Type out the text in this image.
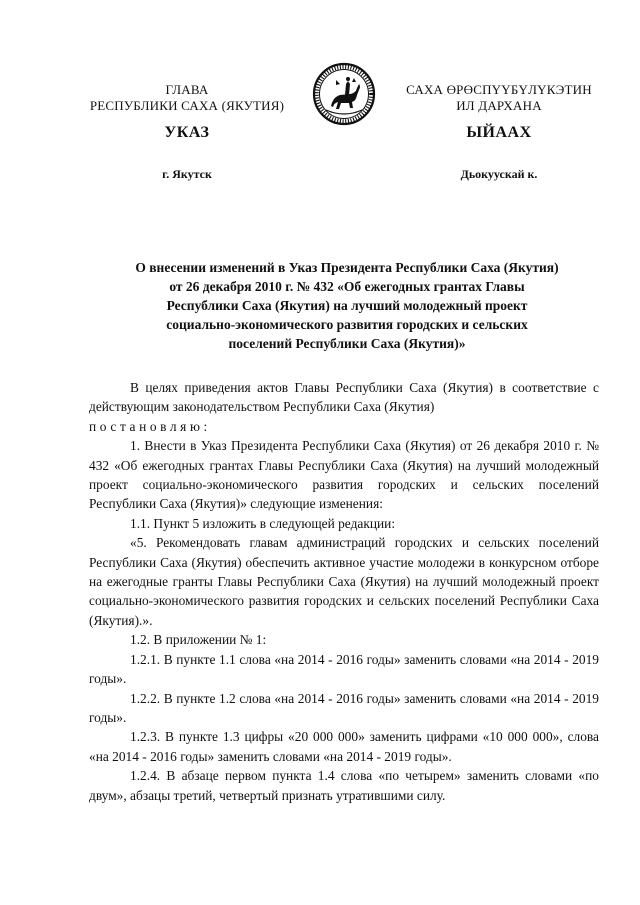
ГЛАВА
РЕСПУБЛИКИ САХА (ЯКУТИЯ)
САХА ӨРӨСПҮҮБҮЛҮКЭТИН
ИЛ ДАРХАНА
УКАЗ	ЫЙААХ
г. Якутск	Дьокуускай к.
О внесении изменений в Указ Президента Республики Саха (Якутия)
от 26 декабря 2010 г. № 432 «Об ежегодных грантах Главы
Республики Саха (Якутия) на лучший молодежный проект
социально-экономического развития городских и сельских
поселений Республики Саха (Якутия)»

В целях приведения актов Главы Республики Саха (Якутия) в соответствие с действующим законодательством Республики Саха (Якутия)

постановляю:

1. Внести в Указ Президента Республики Саха (Якутия) от 26 декабря 2010 г. № 432 «Об ежегодных грантах Главы Республики Саха (Якутия) на лучший молодежный проект социально-экономического развития городских и сельских поселений Республики Саха (Якутия)» следующие изменения:

1.1. Пункт 5 изложить в следующей редакции:

«5. Рекомендовать главам администраций городских и сельских поселений Республики Саха (Якутия) обеспечить активное участие молодежи в конкурсном отборе на ежегодные гранты Главы Республики Саха (Якутия) на лучший молодежный проект социально-экономического развития городских и сельских поселений Республики Саха (Якутия).».

1.2. В приложении № 1:

1.2.1. В пункте 1.1 слова «на 2014 - 2016 годы» заменить словами «на 2014 - 2019 годы».

1.2.2. В пункте 1.2 слова «на 2014 - 2016 годы» заменить словами «на 2014 - 2019 годы».

1.2.3. В пункте 1.3 цифры «20 000 000» заменить цифрами «10 000 000», слова «на 2014 - 2016 годы» заменить словами «на 2014 - 2019 годы».

1.2.4. В абзаце первом пункта 1.4 слова «по четырем» заменить словами «по двум», абзацы третий, четвертый признать утратившими силу.
